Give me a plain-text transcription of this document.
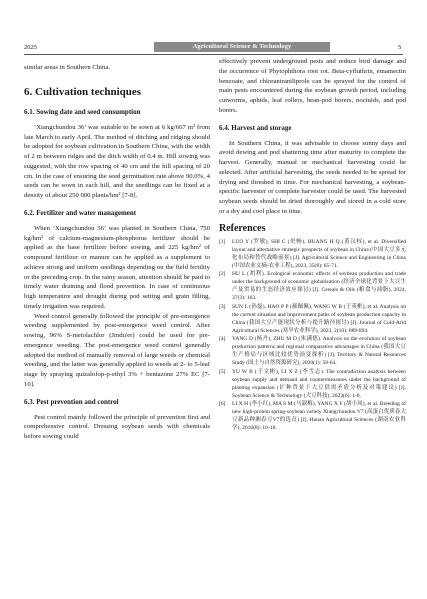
2025	Agricultural Science & Technology	5

similar areas in Southern China.

6. Cultivation techniques
6.1. Sowing date and seed consumption

‘Xiangchundou 36’ was suitable to be sown at 6 kg/667 m² from late March to early April. The method of ditching and ridging should be adopted for soybean cultivation in Southern China, with the width of 2 m between ridges and the ditch width of 0.4 m. Hill sowing was suggested, with the row spacing of 40 cm and the hill spacing of 20 cm. In the case of ensuring the seed germination rate above 90.0%, 4 seeds can be sown in each hill, and the seedlings can be fixed at a density of about 250 000 plants/hm² [7-8].

6.2. Fertilizer and water management

When ‘Xiangchundou 36’ was planted in Southern China, 750 kg/hm² of calcium-magnesium-phosphorus fertilizer should be applied as the base fertilizer before sowing, and 225 kg/hm² of compound fertilizer or manure can be applied as a supplement to achieve strong and uniform seedlings depending on the field fertility or the preceding crop. In the rainy season, attention should be paid to timely water draining and flood prevention. In case of continuous high temperature and drought during pod setting and grain filling, timely irrigation was required.

Weed control generally followed the principle of pre-emergence weeding supplemented by post-emergence weed control. After sowing, 96% S-metolachlor (Jindu'er) could be used for pre-emergence weeding. The post-emergence weed control generally adopted the method of manually removal of large weeds or chemical weeding, and the latter was generally applied to weeds at 2- to 5-leaf stage by spraying quizalofop-p-ethyl 3% + bentazone 27% EC [7-10].

6.3. Pest prevention and control

Pest control mainly followed the principle of prevention first and comprehensive control. Dressing soybean seeds with chemicals before sowing could

effectively prevent underground pests and reduce bird damage and the occurrence of Phytophthora root rot. Beta-cyfluthrin, emamectin benzoate, and chlorantraniliprole can be sprayed for the control of main pests encountered during the soybean growth period, including cutworms, aphids, leaf rollers, bean-pod borers, noctuids, and pod borers.

6.4. Harvest and storage

In Southern China, it was advisable to choose sunny days and avoid dewing and pod shattering time after maturity to complete the harvest. Generally, manual or mechanical harvesting could be selected. After artificial harvesting, the seeds needed to be spread for drying and threshed in time. For mechanical harvesting, a soybean-specific harvester or complete harvester could be used. The harvested soybean seeds should be dried thoroughly and stored in a cold store or a dry and cool place in time.

References
[1]	LUO Y (罗敏), SHI C (史畅), HUANG H Q (黄汉权), et al. Diversified layout and alternative strategic prospects of soybean in China (中国大豆多元化布局和替代战略前景) [J]. Agricultural Science and Engineering in China (中国农业文摘-农业工程), 2023, 35(8): 65-71.
[2]	HU L (胡利). Ecological economic effects of soybean production and trade under the background of economic globalization (经济全球化背景下大豆生产及贸易的生态经济效应探讨) [J]. Cereals & Oils (粮食与油脂), 2024, 37(3): 163.
[3]	SUN L (孙磊), HAO P P (郝佩佩), WANG W B (王英彬), et al. Analysis on the current situation and improvement paths of soybean production capacity in China (我国大豆产能现状分析与提升路径探讨) [J]. Journal of Cold-Arid Agricultural Sciences (寒旱农业科学), 2023, 2(10): 889-894.
[4]	YANG D (杨丹), ZHU M D (朱满德). Analysis on the evolution of soybean production patterns and regional comparative advantages in China (我国大豆生产格局与区域比较优势演变探析) [J]. Territory & Natural Resources Study (国土与自然资源研究), 2020(1): 58-64.
[5]	YU W B (于文彬), LI X Z (李雪志). The contradiction analysis between soybean supply and demand and countermeasures under the background of planting expansion (扩种背景下大豆供需矛盾分析及对策建议) [J]. Soybean Science & Technology (大豆科技), 2023(6): 1-8.
[6]	LI X H (李小红), MA S M (马淑梅), YANG X F (胡小凤), et al. Breeding of new high-protein spring-soybean variety Xiangchundou V7 (高蛋白优质春大豆新品种湘春豆V7的选育) [J]. Hunan Agricultural Sciences (湖南农业科学), 2016(8): 16-18.
